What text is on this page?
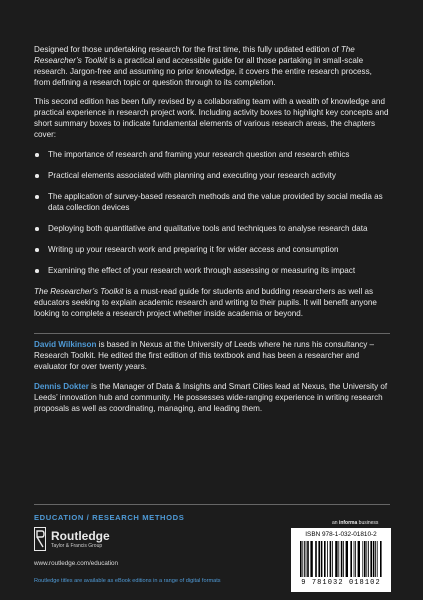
Designed for those undertaking research for the first time, this fully updated edition of The Researcher’s Toolkit is a practical and accessible guide for all those partaking in small-scale research. Jargon-free and assuming no prior knowledge, it covers the entire research process, from defining a research topic or question through to its completion.

This second edition has been fully revised by a collaborating team with a wealth of knowledge and practical experience in research project work. Including activity boxes to highlight key concepts and short summary boxes to indicate fundamental elements of various research areas, the chapters cover:

The importance of research and framing your research question and research ethics
Practical elements associated with planning and executing your research activity
The application of survey-based research methods and the value provided by social media as data collection devices
Deploying both quantitative and qualitative tools and techniques to analyse research data
Writing up your research work and preparing it for wider access and consumption
Examining the effect of your research work through assessing or measuring its impact

The Researcher’s Toolkit is a must-read guide for students and budding researchers as well as educators seeking to explain academic research and writing to their pupils. It will benefit anyone looking to complete a research project whether inside academia or beyond.

David Wilkinson is based in Nexus at the University of Leeds where he runs his consultancy – Research Toolkit. He edited the first edition of this textbook and has been a researcher and evaluator for over twenty years.

Dennis Dokter is the Manager of Data & Insights and Smart Cities lead at Nexus, the University of Leeds’ innovation hub and community. He possesses wide-ranging experience in writing research proposals as well as coordinating, managing, and leading them.

EDUCATION / RESEARCH METHODS
an informa business
Routledge
Taylor & Francis Group
www.routledge.com/education
Routledge titles are available as eBook editions in a range of digital formats
ISBN 978-1-032-01810-2
9 781032 018102
